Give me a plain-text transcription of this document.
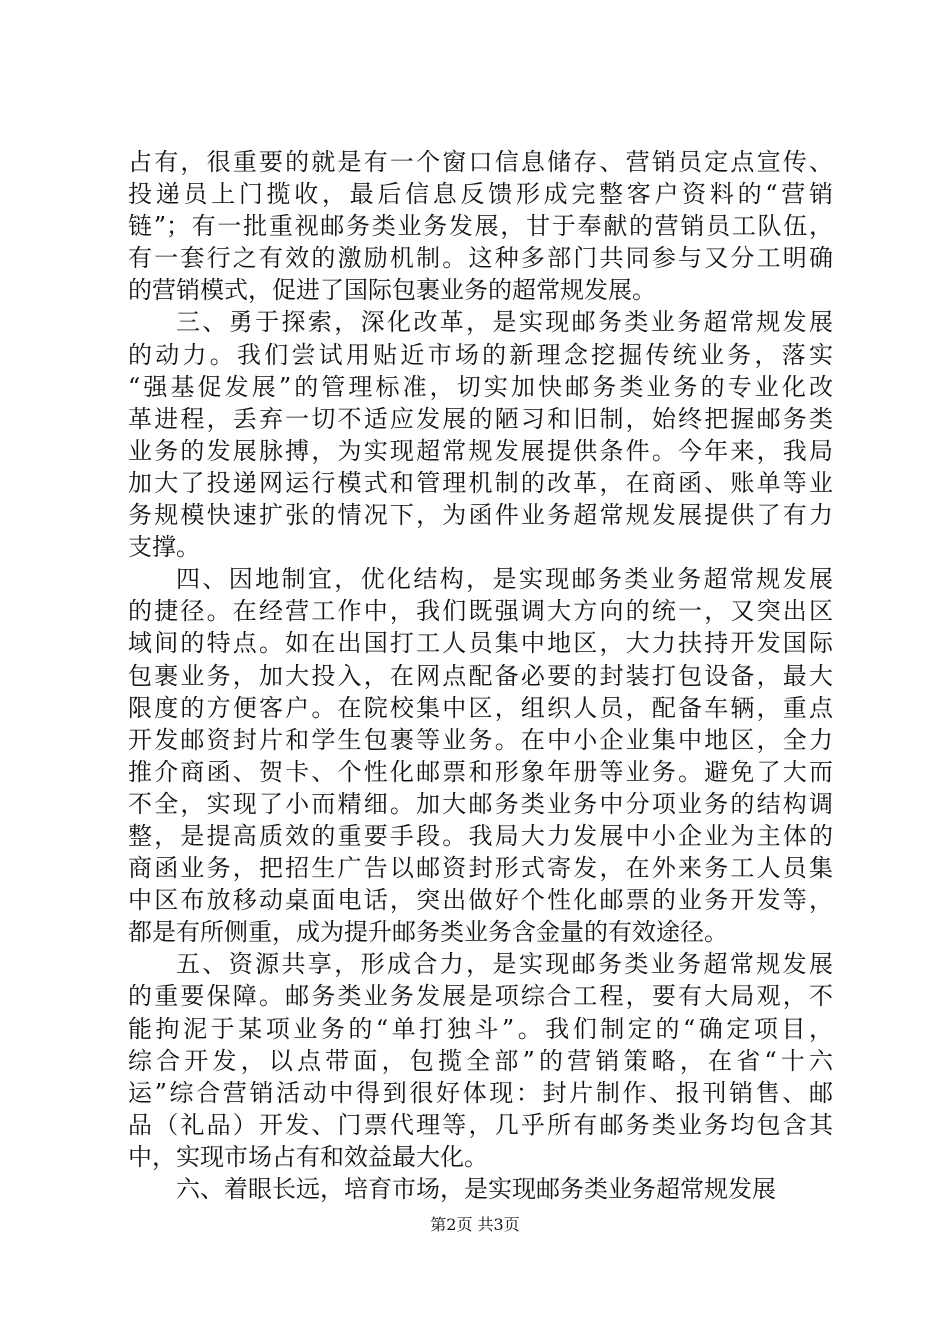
占有，很重要的就是有一个窗口信息储存、营销员定点宣传、
投递员上门揽收，最后信息反馈形成完整客户资料的“营销
链”；有一批重视邮务类业务发展，甘于奉献的营销员工队伍，
有一套行之有效的激励机制。这种多部门共同参与又分工明确
的营销模式，促进了国际包裹业务的超常规发展。
三、勇于探索，深化改革，是实现邮务类业务超常规发展
的动力。我们尝试用贴近市场的新理念挖掘传统业务，落实
“强基促发展”的管理标准，切实加快邮务类业务的专业化改
革进程，丢弃一切不适应发展的陋习和旧制，始终把握邮务类
业务的发展脉搏，为实现超常规发展提供条件。今年来，我局
加大了投递网运行模式和管理机制的改革，在商函、账单等业
务规模快速扩张的情况下，为函件业务超常规发展提供了有力
支撑。
四、因地制宜，优化结构，是实现邮务类业务超常规发展
的捷径。在经营工作中，我们既强调大方向的统一，又突出区
域间的特点。如在出国打工人员集中地区，大力扶持开发国际
包裹业务，加大投入，在网点配备必要的封装打包设备，最大
限度的方便客户。在院校集中区，组织人员，配备车辆，重点
开发邮资封片和学生包裹等业务。在中小企业集中地区，全力
推介商函、贺卡、个性化邮票和形象年册等业务。避免了大而
不全，实现了小而精细。加大邮务类业务中分项业务的结构调
整，是提高质效的重要手段。我局大力发展中小企业为主体的
商函业务，把招生广告以邮资封形式寄发，在外来务工人员集
中区布放移动桌面电话，突出做好个性化邮票的业务开发等，
都是有所侧重，成为提升邮务类业务含金量的有效途径。
五、资源共享，形成合力，是实现邮务类业务超常规发展
的重要保障。邮务类业务发展是项综合工程，要有大局观，不
能拘泥于某项业务的“单打独斗”。我们制定的“确定项目，
综合开发，以点带面，包揽全部”的营销策略，在省“十六
运”综合营销活动中得到很好体现：封片制作、报刊销售、邮
品（礼品）开发、门票代理等，几乎所有邮务类业务均包含其
中，实现市场占有和效益最大化。
六、着眼长远，培育市场，是实现邮务类业务超常规发展
第2页 共3页
